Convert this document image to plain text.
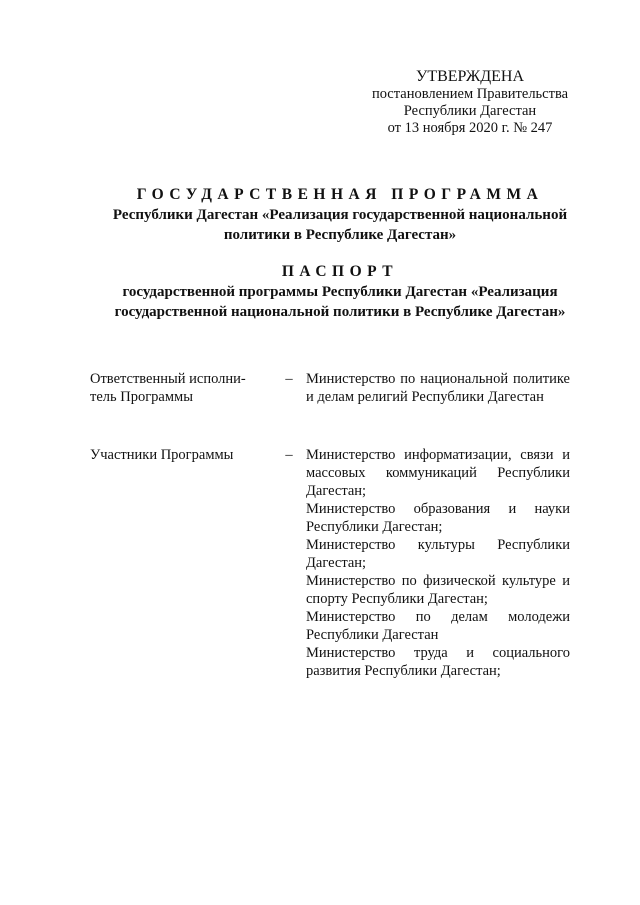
УТВЕРЖДЕНА
постановлением Правительства
Республики Дагестан
от 13 ноября 2020 г. № 247
ГОСУДАРСТВЕННАЯ ПРОГРАММА
Республики Дагестан «Реализация государственной национальной
политики в Республике Дагестан»
ПАСПОРТ
государственной программы Республики Дагестан «Реализация
государственной национальной политики в Республике Дагестан»
Ответственный исполни-
тель Программы
– Министерство по национальной политике и делам религий Республики Дагестан
Участники Программы	– Министерство информатизации, связи и массовых коммуникаций Республики Дагестан;
Министерство образования и науки Республики Дагестан;
Министерство культуры Республики Дагестан;
Министерство по физической культуре и спорту Республики Дагестан;
Министерство по делам молодежи Республики Дагестан
Министерство труда и социального развития Республики Дагестан;
